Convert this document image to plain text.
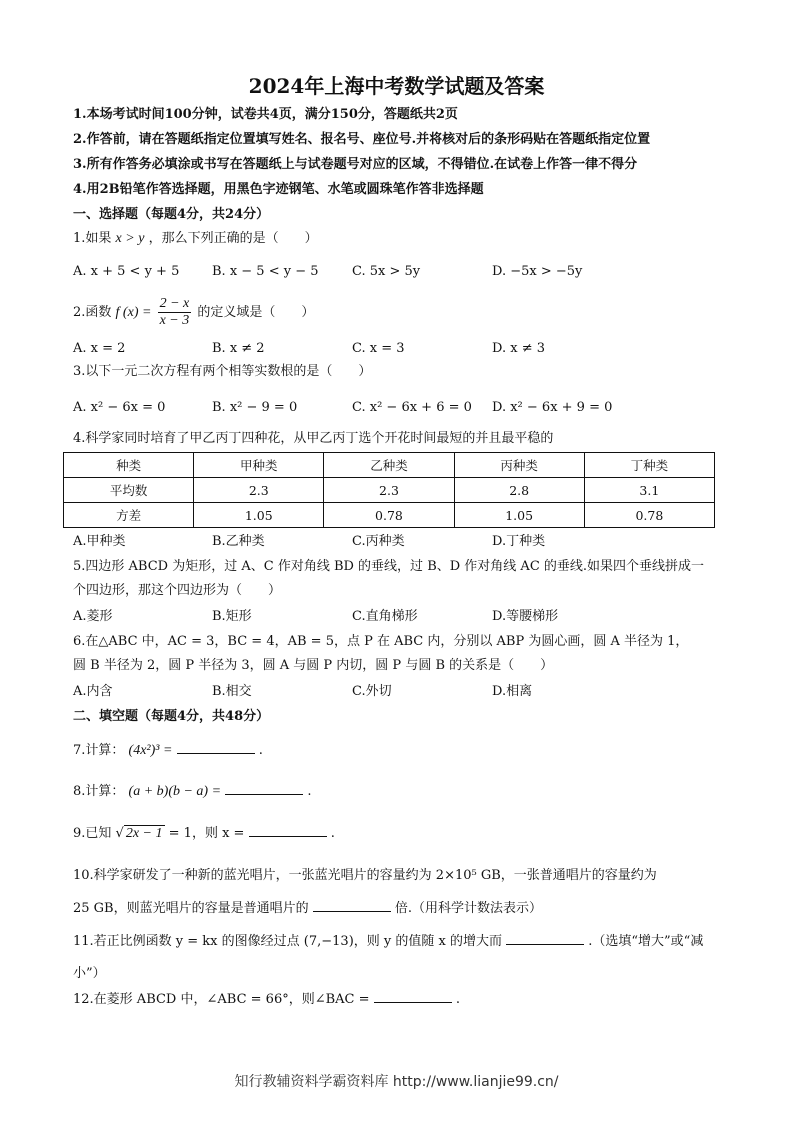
2024年上海中考数学试题及答案
1.本场考试时间100分钟，试卷共4页，满分150分，答题纸共2页
2.作答前，请在答题纸指定位置填写姓名、报名号、座位号.并将核对后的条形码贴在答题纸指定位置
3.所有作答务必填涂或书写在答题纸上与试卷题号对应的区域，不得错位.在试卷上作答一律不得分
4.用2B铅笔作答选择题，用黑色字迹钢笔、水笔或圆珠笔作答非选择题
一、选择题（每题4分，共24分）
1.如果 x > y ，那么下列正确的是（　　）
A. x + 5 < y + 5	B. x − 5 < y − 5	C. 5x > 5y	D. −5x > −5y
2.函数 f $(x) = \frac{2 - x}{x - 3}$ 的定义域是（　　）
A. x = 2	B. x ≠ 2	C. x = 3	D. x ≠ 3
3.以下一元二次方程有两个相等实数根的是（　　）
A. x² − 6x = 0	B. x² − 9 = 0	C. x² − 6x + 6 = 0 D. x² − 6x + 9 = 0
4.科学家同时培育了甲乙丙丁四种花，从甲乙丙丁选个开花时间最短的并且最平稳的
种类	甲种类	乙种类	丙种类	丁种类
平均数	2.3	2.3	2.8	3.1
方差	1.05	0.78	1.05	0.78
A.甲种类	B.乙种类	C.丙种类	D.丁种类
5.四边形 ABCD 为矩形，过 A、C 作对角线 BD 的垂线，过 B、D 作对角线 AC 的垂线.如果四个垂线拼成一
个四边形，那这个四边形为（　　）
A.菱形	B.矩形	C.直角梯形	D.等腰梯形
6.在△ABC 中，AC = 3，BC = 4，AB = 5，点 P 在 ABC 内，分别以 ABP 为圆心画，圆 A 半径为 1，
圆 B 半径为 2，圆 P 半径为 3，圆 A 与圆 P 内切，圆 P 与圆 B 的关系是（　　）
A.内含	B.相交	C.外切	D.相离
二、填空题（每题4分，共48分）
7.计算： (4x²)³ =	.
8.计算： (a + b)(b − a) =	.
9.已知 √ 2x − 1 = 1，则 x =	.
10.科学家研发了一种新的蓝光唱片，一张蓝光唱片的容量约为 2×10⁵ GB，一张普通唱片的容量约为
25 GB，则蓝光唱片的容量是普通唱片的	倍.（用科学计数法表示）
11.若正比例函数 y = kx 的图像经过点 (7,−13)，则 y 的值随 x 的增大而	.（选填“增大”或“减
小”）
12.在菱形 ABCD 中，∠ABC = 66°，则∠BAC =	.
知行教辅资料学霸资料库 http://www.lianjie99.cn/
